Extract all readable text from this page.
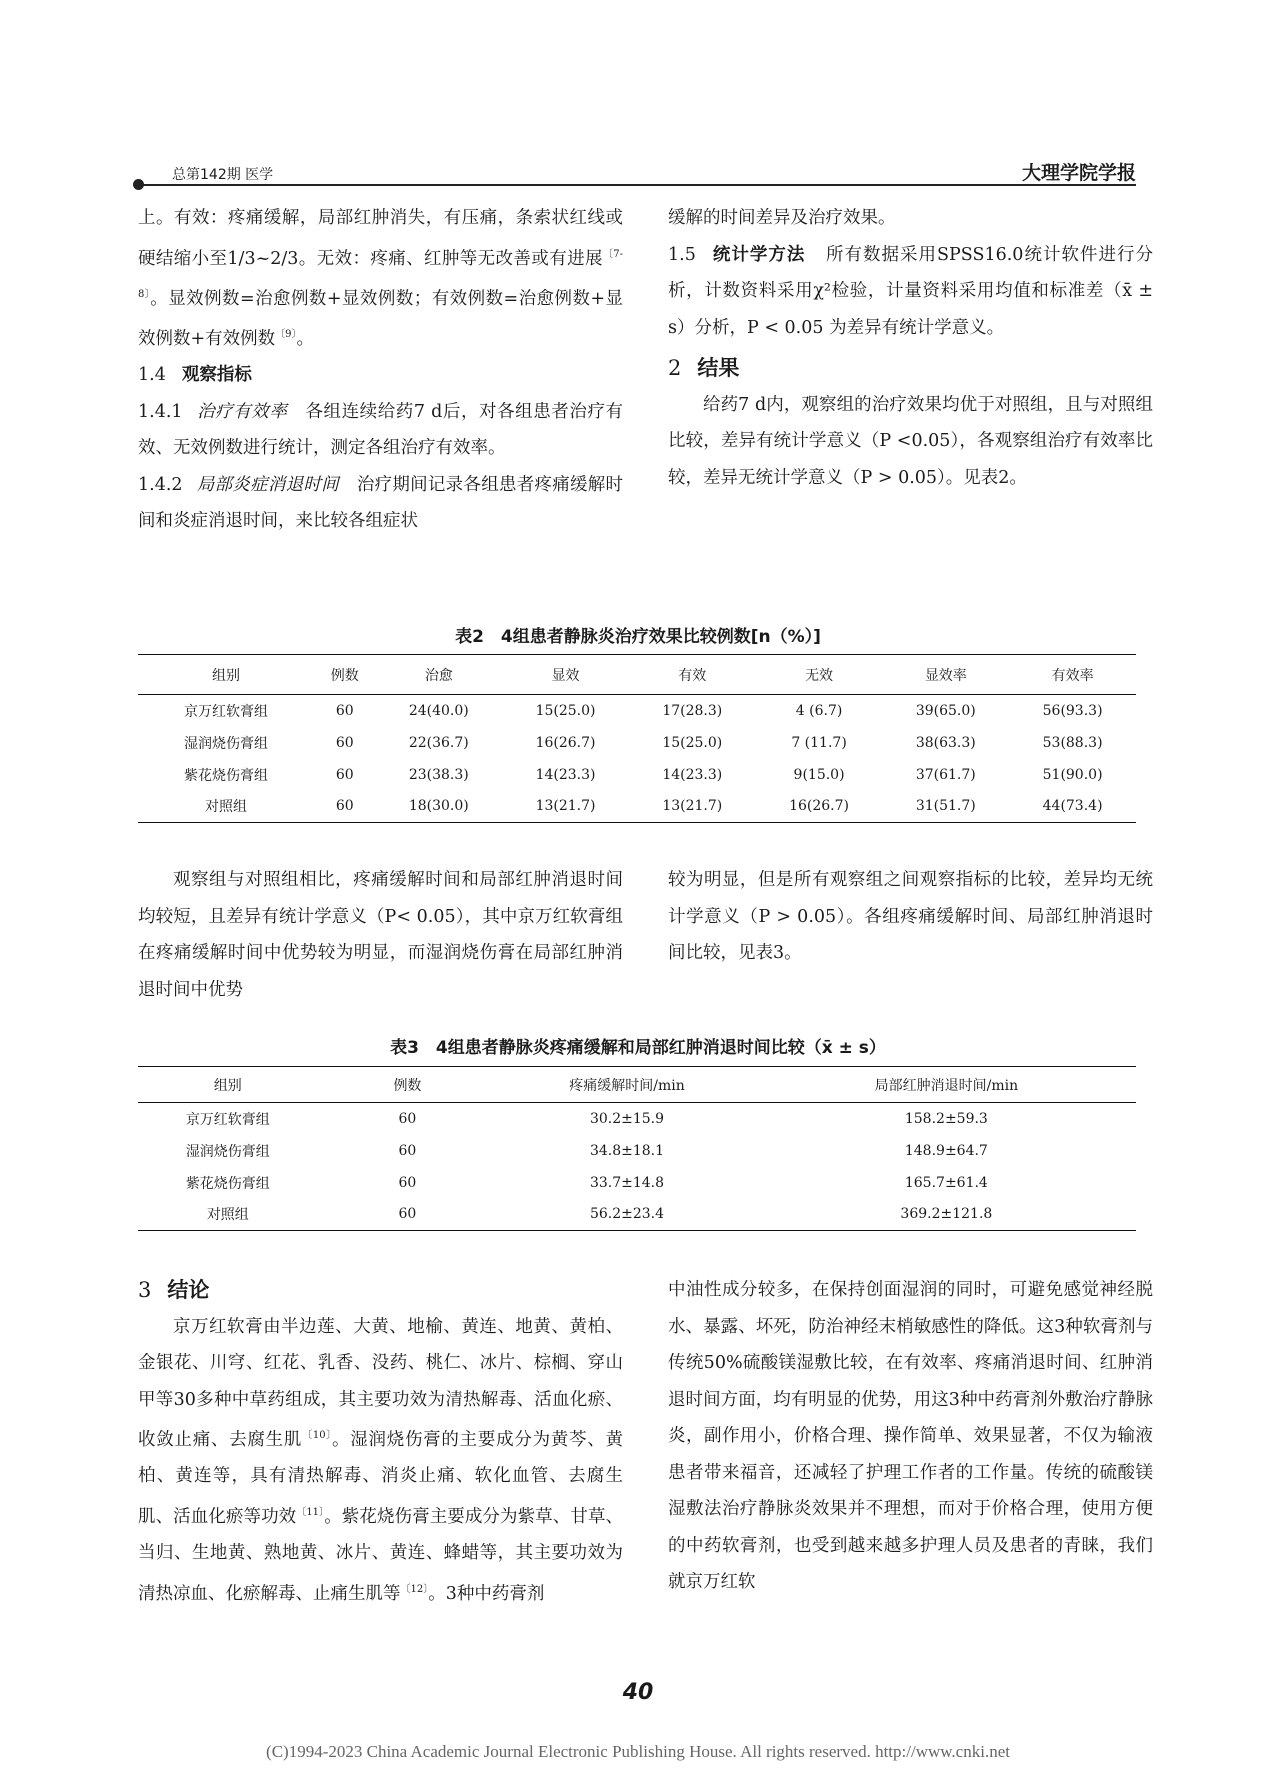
总第142期 医学	大理学院学报

上。有效：疼痛缓解，局部红肿消失，有压痛，条索状红线或硬结缩小至1/3~2/3。无效：疼痛、红肿等无改善或有进展$^{〔7-8〕}$。显效例数=治愈例数+显效例数；有效例数=治愈例数+显效例数+有效例数$^{〔9〕}$。

1.4 观察指标

1.4.1 治疗有效率 各组连续给药7 d后，对各组患者治疗有效、无效例数进行统计，测定各组治疗有效率。

1.4.2 局部炎症消退时间 治疗期间记录各组患者疼痛缓解时间和炎症消退时间，来比较各组症状

缓解的时间差异及治疗效果。

1.5 统计学方法 所有数据采用SPSS16.0统计软件进行分析，计数资料采用χ²检验，计量资料采用均值和标准差（x̄ ± s）分析，P < 0.05 为差异有统计学意义。

2 结果

给药7 d内，观察组的治疗效果均优于对照组，且与对照组比较，差异有统计学意义（P <0.05），各观察组治疗有效率比较，差异无统计学意义（P > 0.05）。见表2。

表2　4组患者静脉炎治疗效果比较例数[n（%）]
组别	例数	治愈	显效	有效	无效	显效率	有效率
京万红软膏组	60	24(40.0)	15(25.0)	17(28.3)	4 (6.7)	39(65.0)	56(93.3)
湿润烧伤膏组	60	22(36.7)	16(26.7)	15(25.0)	7 (11.7)	38(63.3)	53(88.3)
紫花烧伤膏组	60	23(38.3)	14(23.3)	14(23.3)	9(15.0)	37(61.7)	51(90.0)
对照组	60	18(30.0)	13(21.7)	13(21.7)	16(26.7)	31(51.7)	44(73.4)

观察组与对照组相比，疼痛缓解时间和局部红肿消退时间均较短，且差异有统计学意义（P< 0.05），其中京万红软膏组在疼痛缓解时间中优势较为明显，而湿润烧伤膏在局部红肿消退时间中优势

较为明显，但是所有观察组之间观察指标的比较，差异均无统计学意义（P > 0.05）。各组疼痛缓解时间、局部红肿消退时间比较，见表3。

表3　4组患者静脉炎疼痛缓解和局部红肿消退时间比较（x̄ ± s）
组别	例数	疼痛缓解时间/min	局部红肿消退时间/min
京万红软膏组	60	30.2±15.9	158.2±59.3
湿润烧伤膏组	60	34.8±18.1	148.9±64.7
紫花烧伤膏组	60	33.7±14.8	165.7±61.4
对照组	60	56.2±23.4	369.2±121.8

3 结论

京万红软膏由半边莲、大黄、地榆、黄连、地黄、黄柏、金银花、川穹、红花、乳香、没药、桃仁、冰片、棕榈、穿山甲等30多种中草药组成，其主要功效为清热解毒、活血化瘀、收敛止痛、去腐生肌$^{〔10〕}$。湿润烧伤膏的主要成分为黄芩、黄柏、黄连等，具有清热解毒、消炎止痛、软化血管、去腐生肌、活血化瘀等功效$^{〔11〕}$。紫花烧伤膏主要成分为紫草、甘草、当归、生地黄、熟地黄、冰片、黄连、蜂蜡等，其主要功效为清热凉血、化瘀解毒、止痛生肌等$^{〔12〕}$。3种中药膏剂

中油性成分较多，在保持创面湿润的同时，可避免感觉神经脱水、暴露、坏死，防治神经末梢敏感性的降低。这3种软膏剂与传统50%硫酸镁湿敷比较，在有效率、疼痛消退时间、红肿消退时间方面，均有明显的优势，用这3种中药膏剂外敷治疗静脉炎，副作用小，价格合理、操作简单、效果显著，不仅为输液患者带来福音，还减轻了护理工作者的工作量。传统的硫酸镁湿敷法治疗静脉炎效果并不理想，而对于价格合理，使用方便的中药软膏剂，也受到越来越多护理人员及患者的青睐，我们就京万红软

40
(C)1994-2023 China Academic Journal Electronic Publishing House. All rights reserved. http://www.cnki.net
